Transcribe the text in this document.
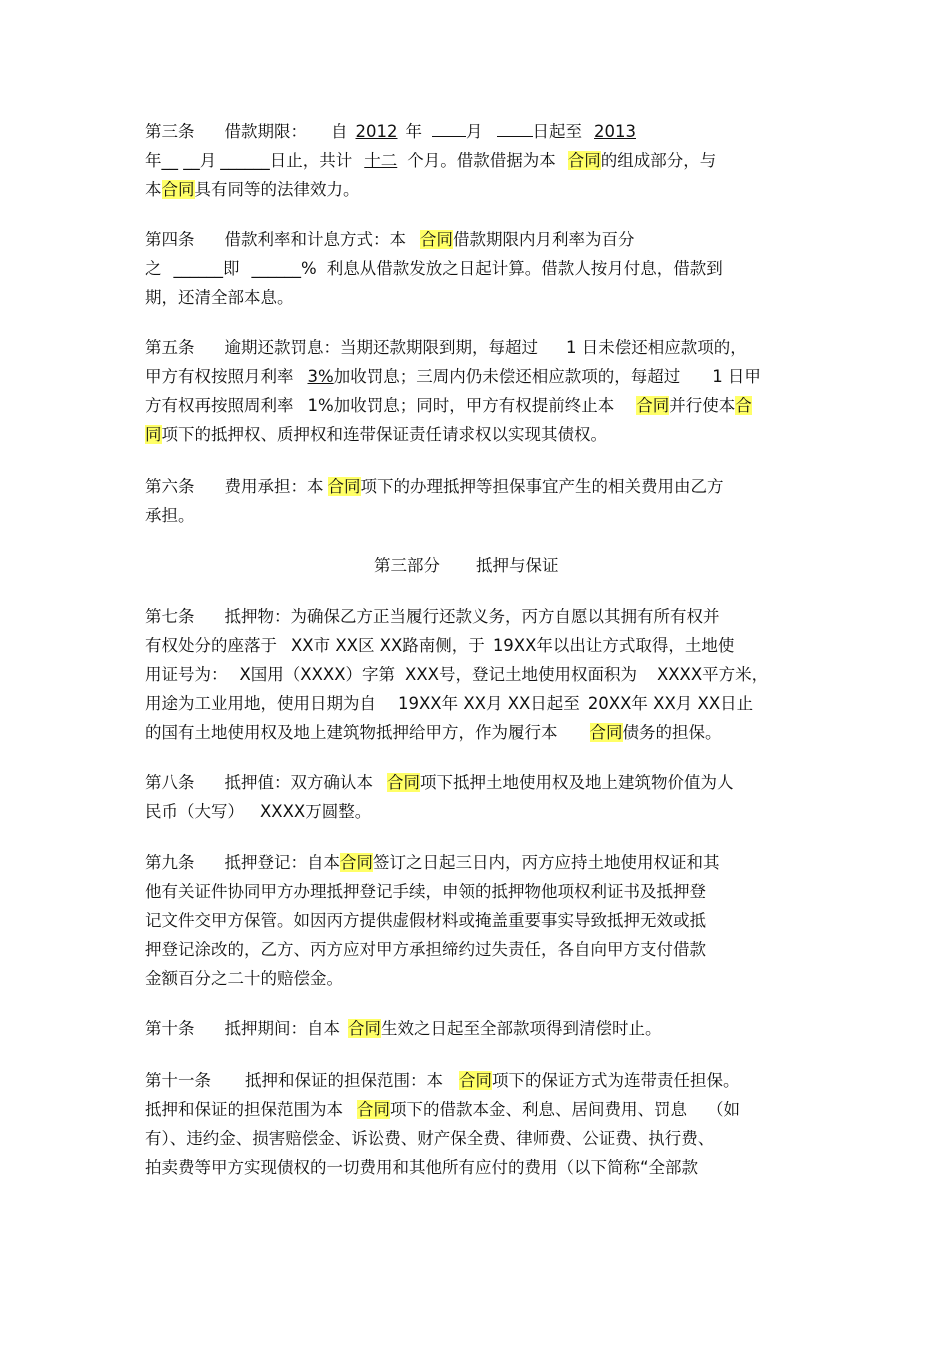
第三条 借款期限： 自 2012 年	月	日起至 2013
年__ __月 ______日止，共计 十二 个月。借款借据为本 合同的组成部分，与
本合同具有同等的法律效力。
第四条 借款利率和计息方式：本 合同借款期限内月利率为百分
之 ______即 ______% 利息从借款发放之日起计算。借款人按月付息，借款到
期，还清全部本息。
第五条 逾期还款罚息：当期还款期限到期，每超过 1 日未偿还相应款项的，
甲方有权按照月利率 3%加收罚息；三周内仍未偿还相应款项的，每超过 1 日甲
方有权再按照周利率 1%加收罚息；同时，甲方有权提前终止本 合同并行使本合
同项下的抵押权、质押权和连带保证责任请求权以实现其债权。
第六条 费用承担：本 合同项下的办理抵押等担保事宜产生的相关费用由乙方
承担。
第三部分 抵押与保证
第七条 抵押物：为确保乙方正当履行还款义务，丙方自愿以其拥有所有权并
有权处分的座落于 XX市 XX区 XX路南侧，于 19XX年以出让方式取得，土地使
用证号为： X国用（XXXX）字第 XXX号，登记土地使用权面积为 XXXX平方米，
用途为工业用地，使用日期为自 19XX年 XX月 XX日起至 20XX年 XX月 XX日止
的国有土地使用权及地上建筑物抵押给甲方，作为履行本 合同债务的担保。
第八条 抵押值：双方确认本 合同项下抵押土地使用权及地上建筑物价值为人
民币（大写） XXXX万圆整。
第九条 抵押登记：自本合同签订之日起三日内，丙方应持土地使用权证和其
他有关证件协同甲方办理抵押登记手续，申领的抵押物他项权利证书及抵押登
记文件交甲方保管。如因丙方提供虚假材料或掩盖重要事实导致抵押无效或抵
押登记涂改的，乙方、丙方应对甲方承担缔约过失责任，各自向甲方支付借款
金额百分之二十的赔偿金。
第十条 抵押期间：自本 合同生效之日起至全部款项得到清偿时止。
第十一条 抵押和保证的担保范围：本 合同项下的保证方式为连带责任担保。
抵押和保证的担保范围为本 合同项下的借款本金、利息、居间费用、罚息 （如
有）、违约金、损害赔偿金、诉讼费、财产保全费、律师费、公证费、执行费、
拍卖费等甲方实现债权的一切费用和其他所有应付的费用（以下简称“全部款
